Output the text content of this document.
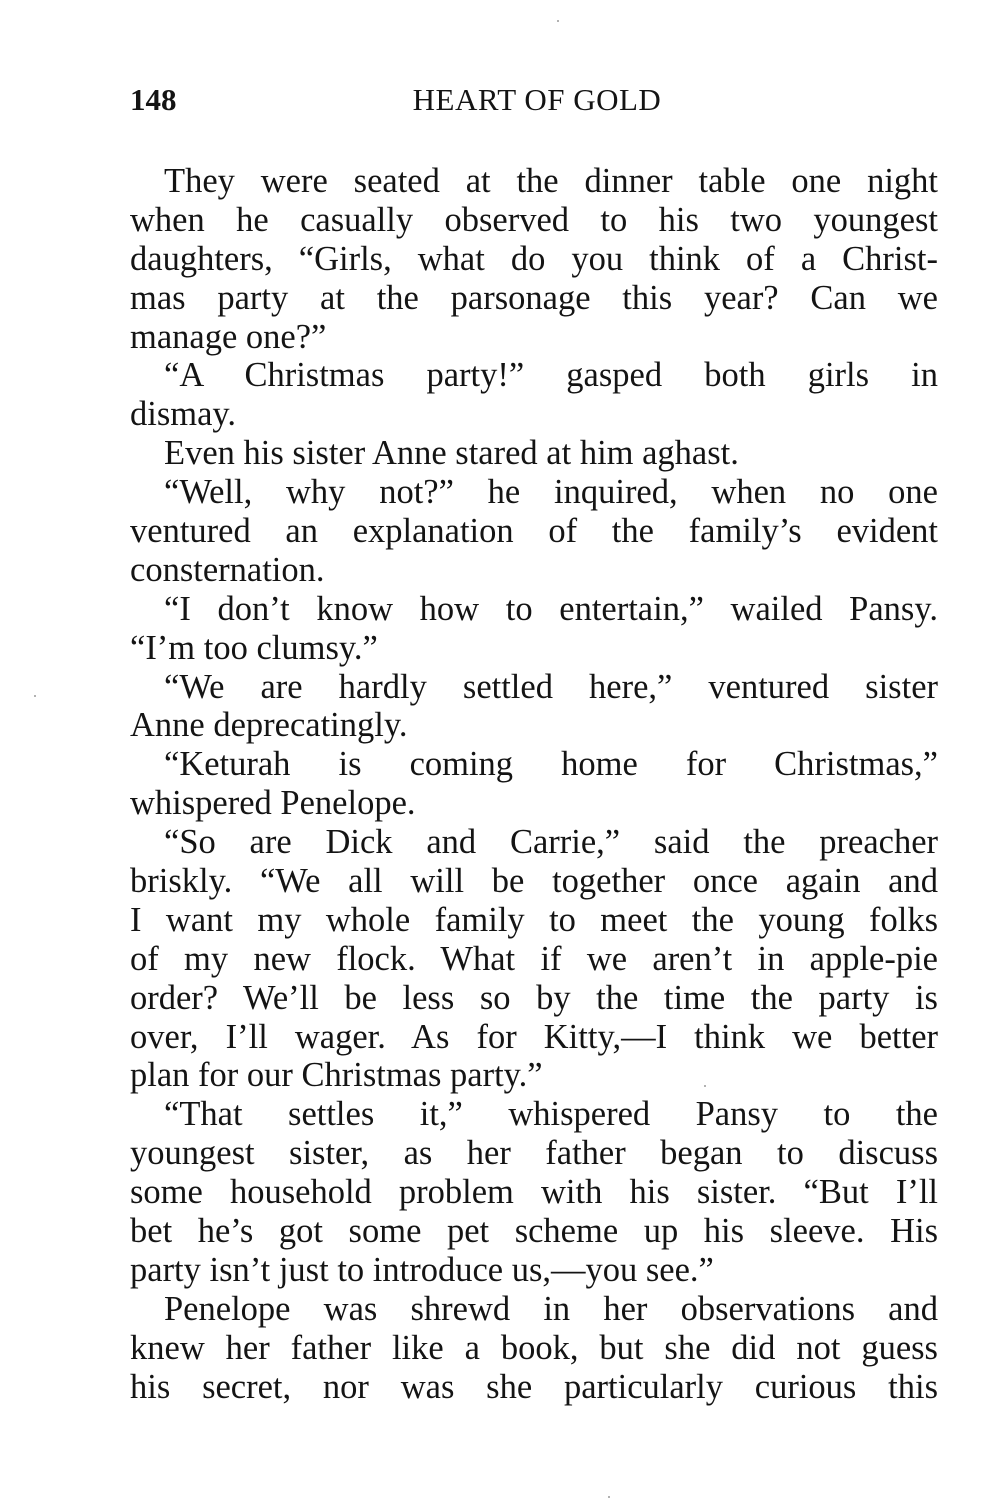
148	HEART OF GOLD

They were seated at the dinner table one night
when he casually observed to his two youngest
daughters, “Girls, what do you think of a Christ-
mas party at the parsonage this year? Can we
manage one?”

“A Christmas party!” gasped both girls in
dismay.

Even his sister Anne stared at him aghast.

“Well, why not?” he inquired, when no one
ventured an explanation of the family’s evident
consternation.

“I don’t know how to entertain,” wailed Pansy.
“I’m too clumsy.”

“We are hardly settled here,” ventured sister
Anne deprecatingly.

“Keturah is coming home for Christmas,”
whispered Penelope.

“So are Dick and Carrie,” said the preacher
briskly. “We all will be together once again and
I want my whole family to meet the young folks
of my new flock. What if we aren’t in apple-pie
order? We’ll be less so by the time the party is
over, I’ll wager. As for Kitty,—I think we better
plan for our Christmas party.”

“That settles it,” whispered Pansy to the
youngest sister, as her father began to discuss
some household problem with his sister. “But I’ll
bet he’s got some pet scheme up his sleeve. His
party isn’t just to introduce us,—you see.”

Penelope was shrewd in her observations and
knew her father like a book, but she did not guess
his secret, nor was she particularly curious this
